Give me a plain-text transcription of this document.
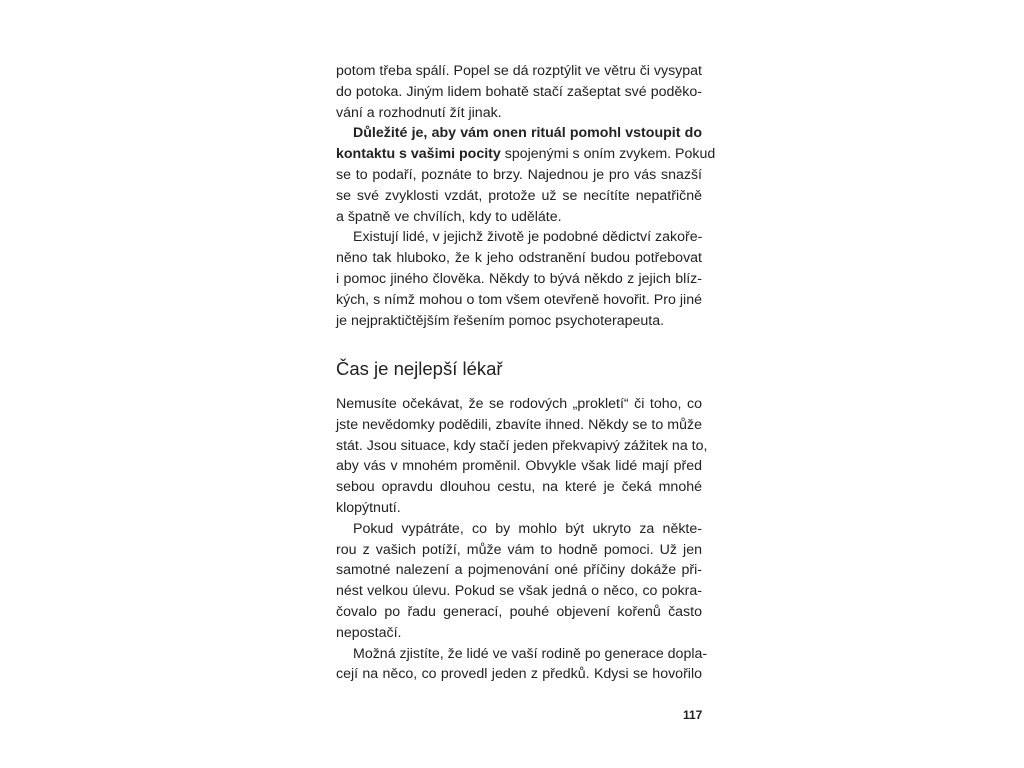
potom třeba spálí. Popel se dá rozptýlit ve větru či vysypat
do potoka. Jiným lidem bohatě stačí zašeptat své poděko-
vání a rozhodnutí žít jinak.

Důležité je, aby vám onen rituál pomohl vstoupit do
kontaktu s vašimi pocity spojenými s oním zvykem. Pokud
se to podaří, poznáte to brzy. Najednou je pro vás snazší
se své zvyklosti vzdát, protože už se necítíte nepatřičně
a špatně ve chvílích, kdy to uděláte.

Existují lidé, v jejichž životě je podobné dědictví zakoře-
něno tak hluboko, že k jeho odstranění budou potřebovat
i pomoc jiného člověka. Někdy to bývá někdo z jejich blíz-
kých, s nímž mohou o tom všem otevřeně hovořit. Pro jiné
je nejpraktičtějším řešením pomoc psychoterapeuta.

Čas je nejlepší lékař

Nemusíte očekávat, že se rodových „prokletí“ či toho, co
jste nevědomky podědili, zbavíte ihned. Někdy se to může
stát. Jsou situace, kdy stačí jeden překvapivý zážitek na to,
aby vás v mnohém proměnil. Obvykle však lidé mají před
sebou opravdu dlouhou cestu, na které je čeká mnohé
klopýtnutí.

Pokud vypátráte, co by mohlo být ukryto za někte-
rou z vašich potíží, může vám to hodně pomoci. Už jen
samotné nalezení a pojmenování oné příčiny dokáže při-
nést velkou úlevu. Pokud se však jedná o něco, co pokra-
čovalo po řadu generací, pouhé objevení kořenů často
nepostačí.

Možná zjistíte, že lidé ve vaší rodině po generace dopla-
cejí na něco, co provedl jeden z předků. Kdysi se hovořilo

117
